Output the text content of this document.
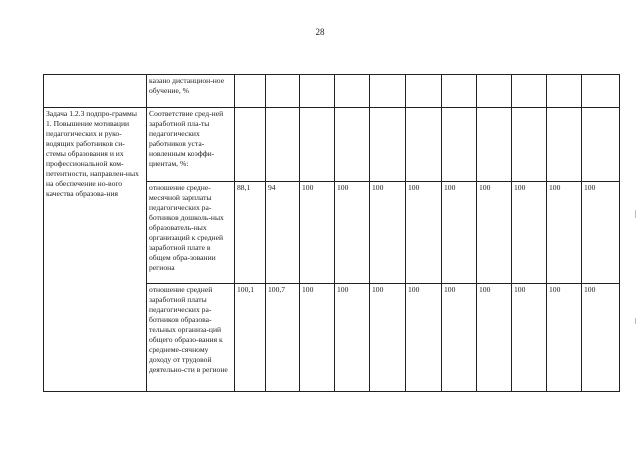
28
	казано дистанцион-ное обучение, %											
Задача 1.2.3 подпро-граммы 1. Повышение мотивации педагогических и руко-водящих работников си-стемы образования и их профессиональной ком-петентности, направлен-ных на обеспечение но-вого качества образова-ния	Соответствие сред-ней заработной пла-ты педагогических работников уста-новленным коэффи-циентам, %:											
	отношение средне-месячной зарплаты педагогических ра-ботников дошколь-ных образователь-ных организаций к средней заработной плате в общем обра-зовании региона	88,1	94	100	100	100	100	100	100	100	100	100
	отношение средней заработной платы педагогических ра-ботников образова-тельных организа-ций общего образо-вания к среднеме-сячному доходу от трудовой деятельно-сти в регионе	100,1	100,7	100	100	100	100	100	100	100	100	100
